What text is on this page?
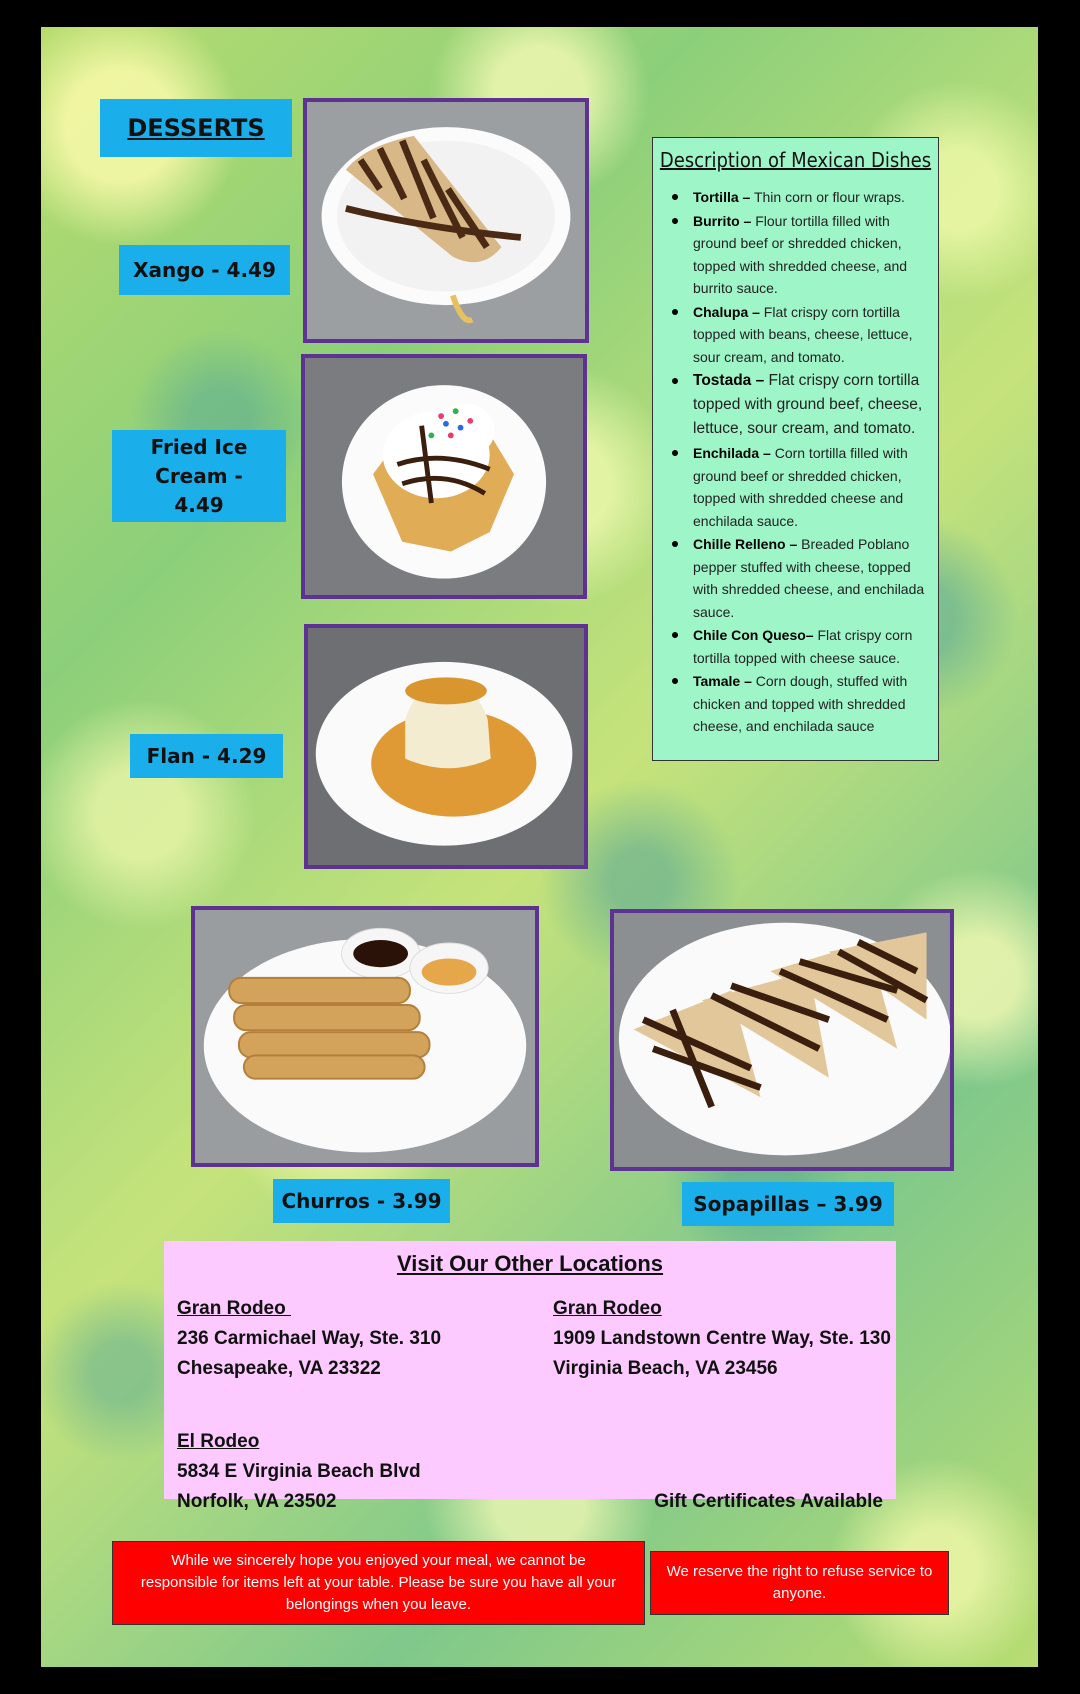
DESSERTS
Xango - 4.49
Fried Ice Cream - 4.49
Flan - 4.29
Churros - 3.99	Sopapillas – 3.99
Description of Mexican Dishes
Tortilla – Thin corn or flour wraps.
Burrito – Flour tortilla filled with ground beef or shredded chicken, topped with shredded cheese, and burrito sauce.
Chalupa – Flat crispy corn tortilla topped with beans, cheese, lettuce, sour cream, and tomato.
Tostada – Flat crispy corn tortilla topped with ground beef, cheese, lettuce, sour cream, and tomato.
Enchilada – Corn tortilla filled with ground beef or shredded chicken, topped with shredded cheese and enchilada sauce.
Chille Relleno – Breaded Poblano pepper stuffed with cheese, topped with shredded cheese, and enchilada sauce.
Chile Con Queso– Flat crispy corn tortilla topped with cheese sauce.
Tamale – Corn dough, stuffed with chicken and topped with shredded cheese, and enchilada sauce
Visit Our Other Locations
Gran Rodeo
236 Carmichael Way, Ste. 310
Chesapeake, VA 23322
Gran Rodeo
1909 Landstown Centre Way, Ste. 130
Virginia Beach, VA 23456
El Rodeo
5834 E Virginia Beach Blvd
Norfolk, VA 23502	Gift Certificates Available
While we sincerely hope you enjoyed your meal, we cannot be responsible for items left at your table. Please be sure you have all your belongings when you leave.
We reserve the right to refuse service to anyone.
